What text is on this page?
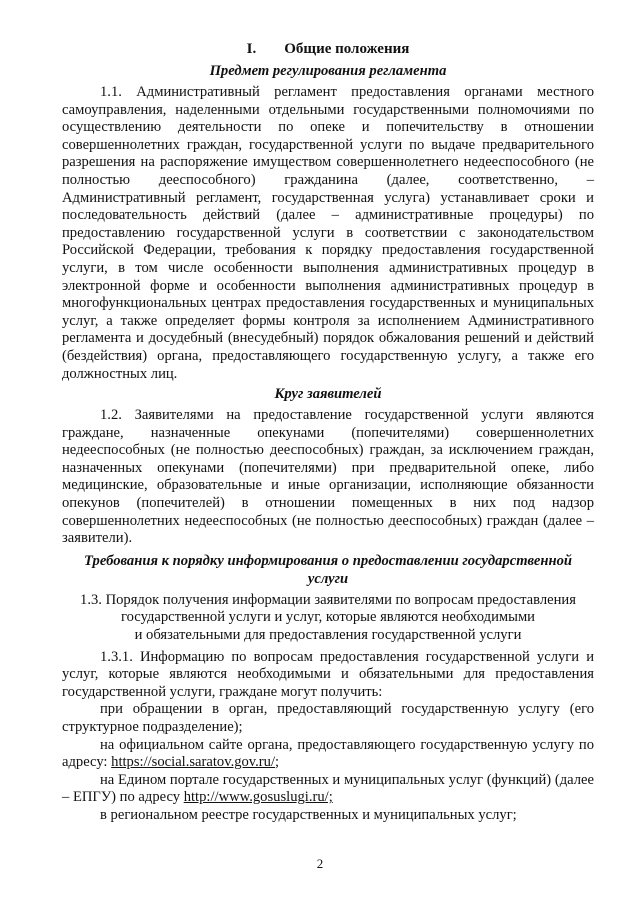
I. Общие положения

Предмет регулирования регламента

1.1. Административный регламент предоставления органами местного самоуправления, наделенными отдельными государственными полномочиями по осуществлению деятельности по опеке и попечительству в отношении совершеннолетних граждан, государственной услуги по выдаче предварительного разрешения на распоряжение имуществом совершеннолетнего недееспособного (не полностью дееспособного) гражданина (далее, соответственно, – Административный регламент, государственная услуга) устанавливает сроки и последовательность действий (далее – административные процедуры) по предоставлению государственной услуги в соответствии с законодательством Российской Федерации, требования к порядку предоставления государственной услуги, в том числе особенности выполнения административных процедур в электронной форме и особенности выполнения административных процедур в многофункциональных центрах предоставления государственных и муниципальных услуг, а также определяет формы контроля за исполнением Административного регламента и досудебный (внесудебный) порядок обжалования решений и действий (бездействия) органа, предоставляющего государственную услугу, а также его должностных лиц.

Круг заявителей

1.2. Заявителями на предоставление государственной услуги являются граждане, назначенные опекунами (попечителями) совершеннолетних недееспособных (не полностью дееспособных) граждан, за исключением граждан, назначенных опекунами (попечителями) при предварительной опеке, либо медицинские, образовательные и иные организации, исполняющие обязанности опекунов (попечителей) в отношении помещенных в них под надзор совершеннолетних недееспособных (не полностью дееспособных) граждан (далее – заявители).

Требования к порядку информирования о предоставлении государственной
услуги

1.3. Порядок получения информации заявителями по вопросам предоставления
государственной услуги и услуг, которые являются необходимыми
и обязательными для предоставления государственной услуги

1.3.1. Информацию по вопросам предоставления государственной услуги и услуг, которые являются необходимыми и обязательными для предоставления государственной услуги, граждане могут получить:

при обращении в орган, предоставляющий государственную услугу (его структурное подразделение);

на официальном сайте органа, предоставляющего государственную услугу по адресу: https://social.saratov.gov.ru/;

на Едином портале государственных и муниципальных услуг (функций) (далее – ЕПГУ) по адресу http://www.gosuslugi.ru/;

в региональном реестре государственных и муниципальных услуг;

2
